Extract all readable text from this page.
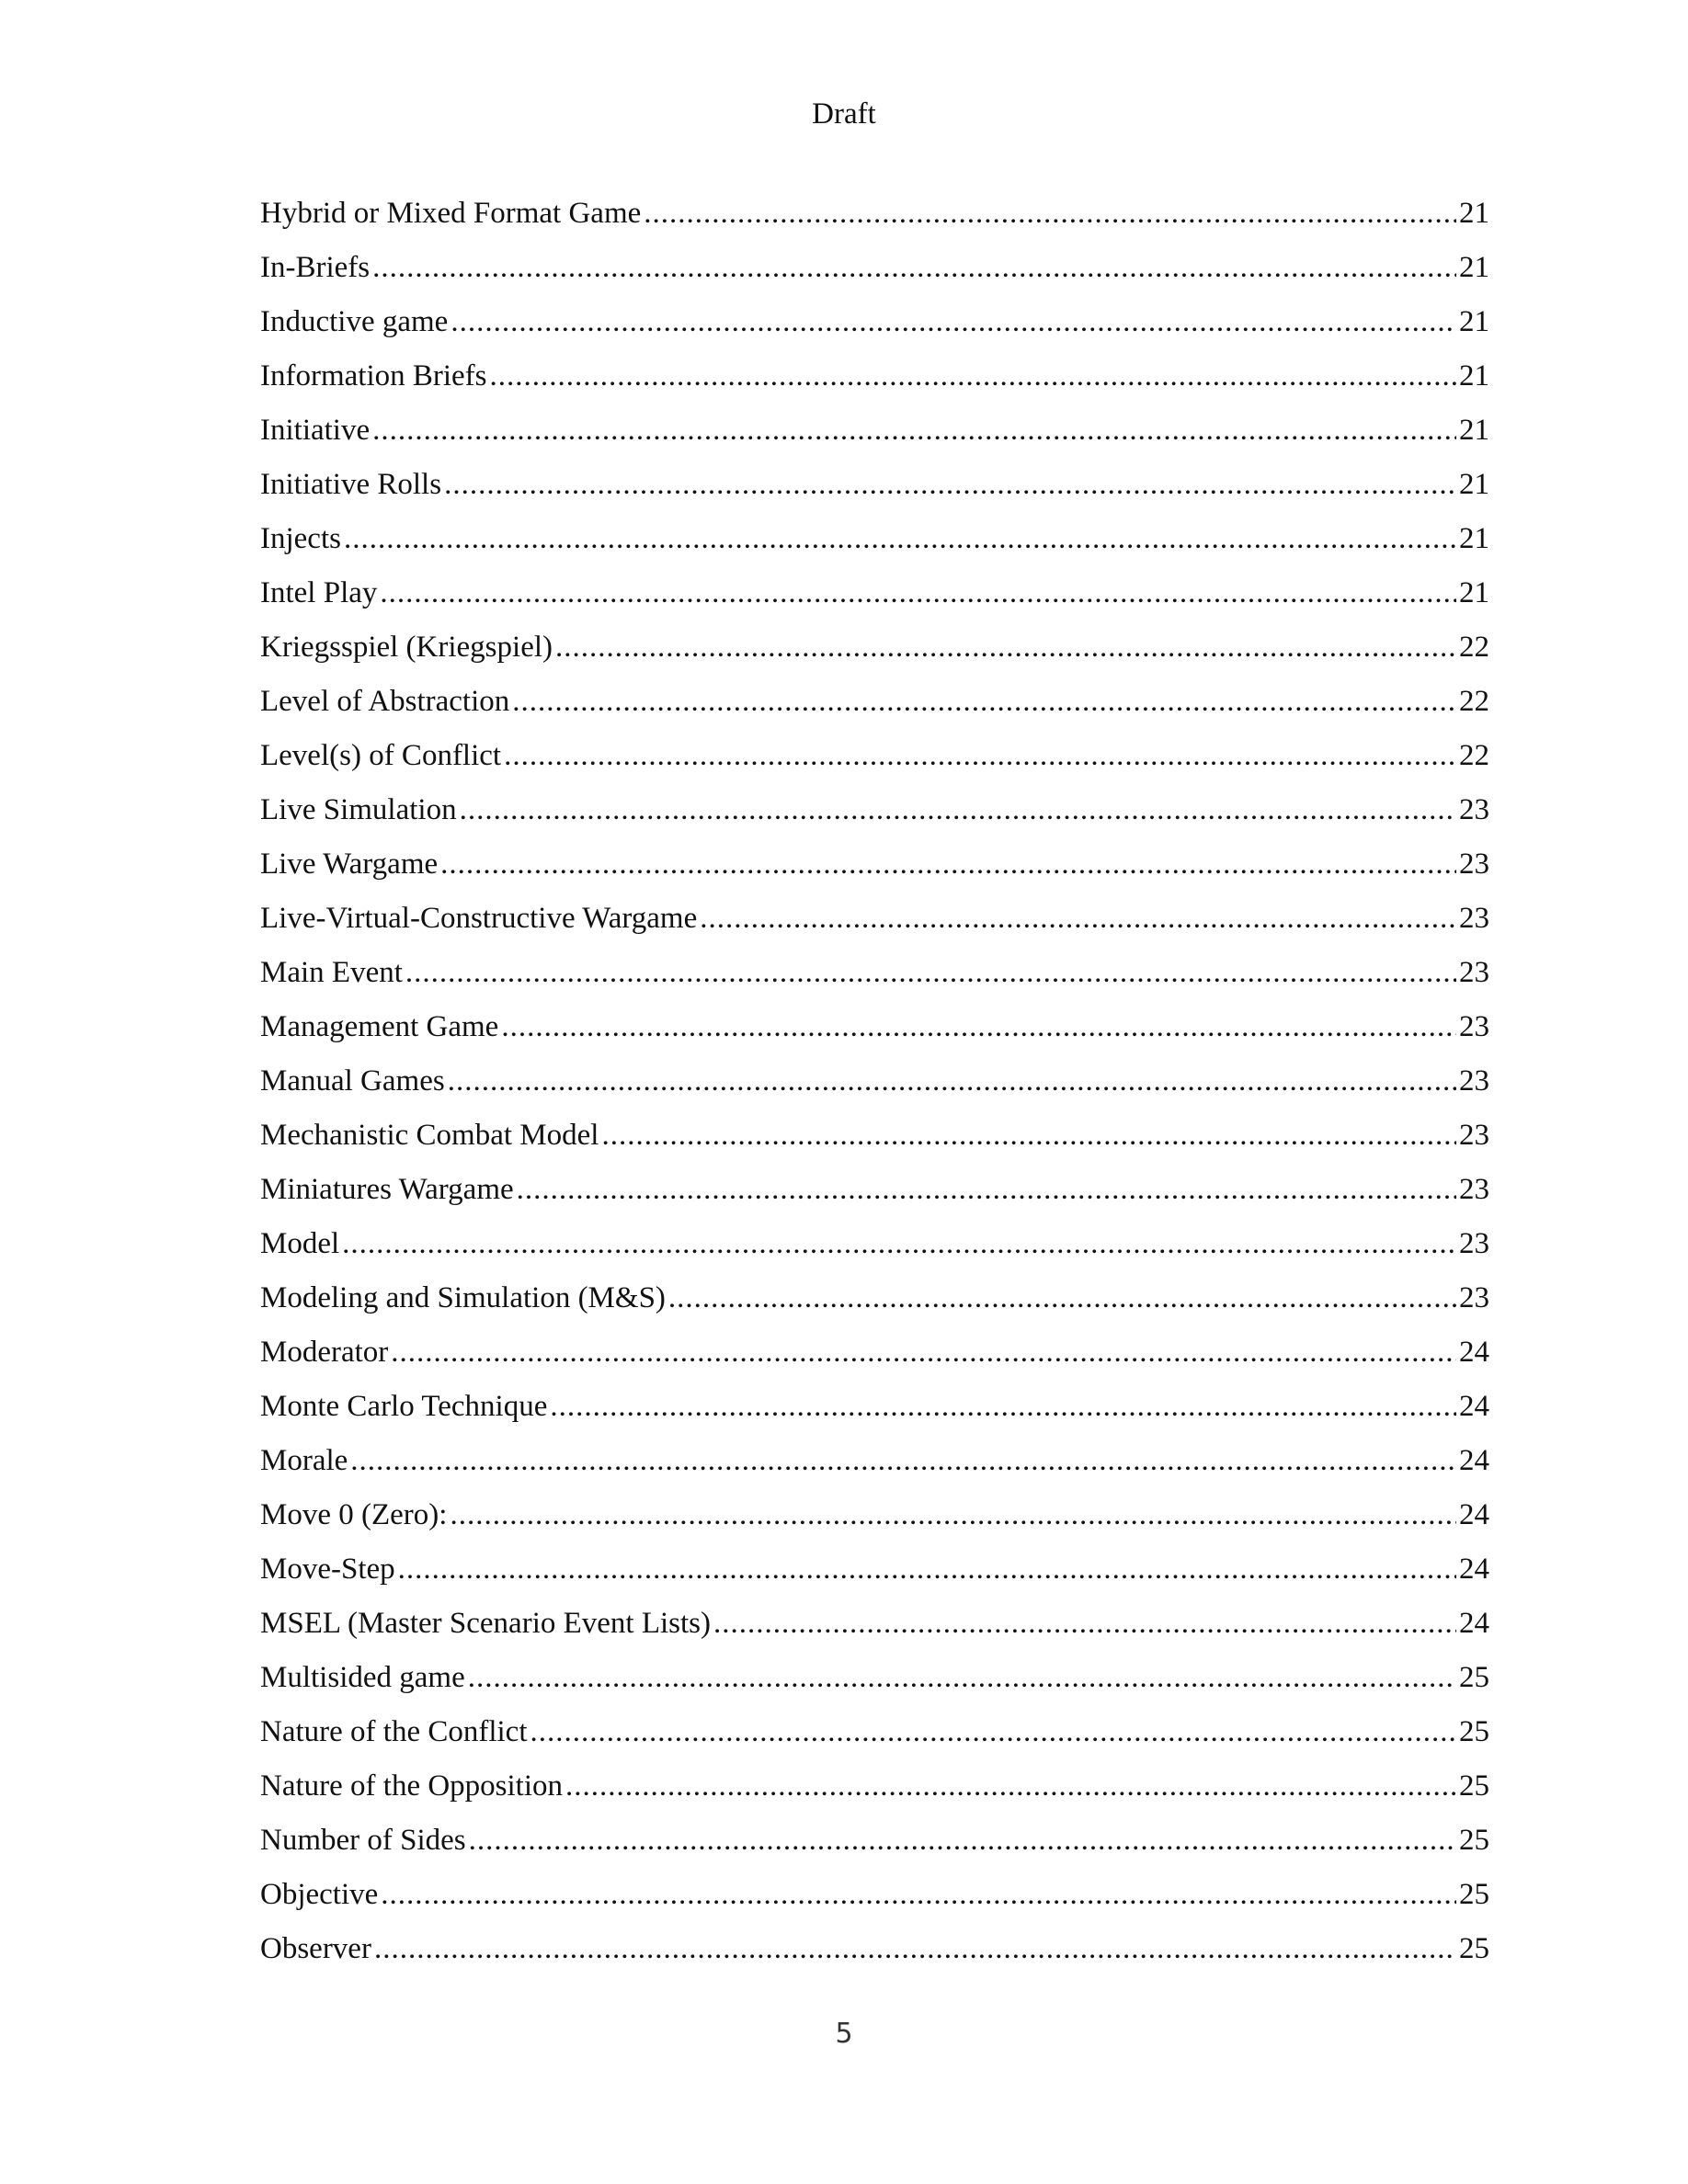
Draft
Hybrid or Mixed Format Game .....	21
In-Briefs .....	21
Inductive game .....	21
Information Briefs .....	21
Initiative .....	21
Initiative Rolls .....	21
Injects .....	21
Intel Play .....	21
Kriegsspiel (Kriegspiel) .....	22
Level of Abstraction .....	22
Level(s) of Conflict .....	22
Live Simulation .....	23
Live Wargame .....	23
Live-Virtual-Constructive Wargame .....	23
Main Event .....	23
Management Game .....	23
Manual Games .....	23
Mechanistic Combat Model .....	23
Miniatures Wargame .....	23
Model .....	23
Modeling and Simulation (M&S) .....	23
Moderator .....	24
Monte Carlo Technique .....	24
Morale .....	24
Move 0 (Zero): .....	24
Move-Step .....	24
MSEL (Master Scenario Event Lists) .....	24
Multisided game .....	25
Nature of the Conflict .....	25
Nature of the Opposition .....	25
Number of Sides .....	25
Objective .....	25
Observer .....	25
5
